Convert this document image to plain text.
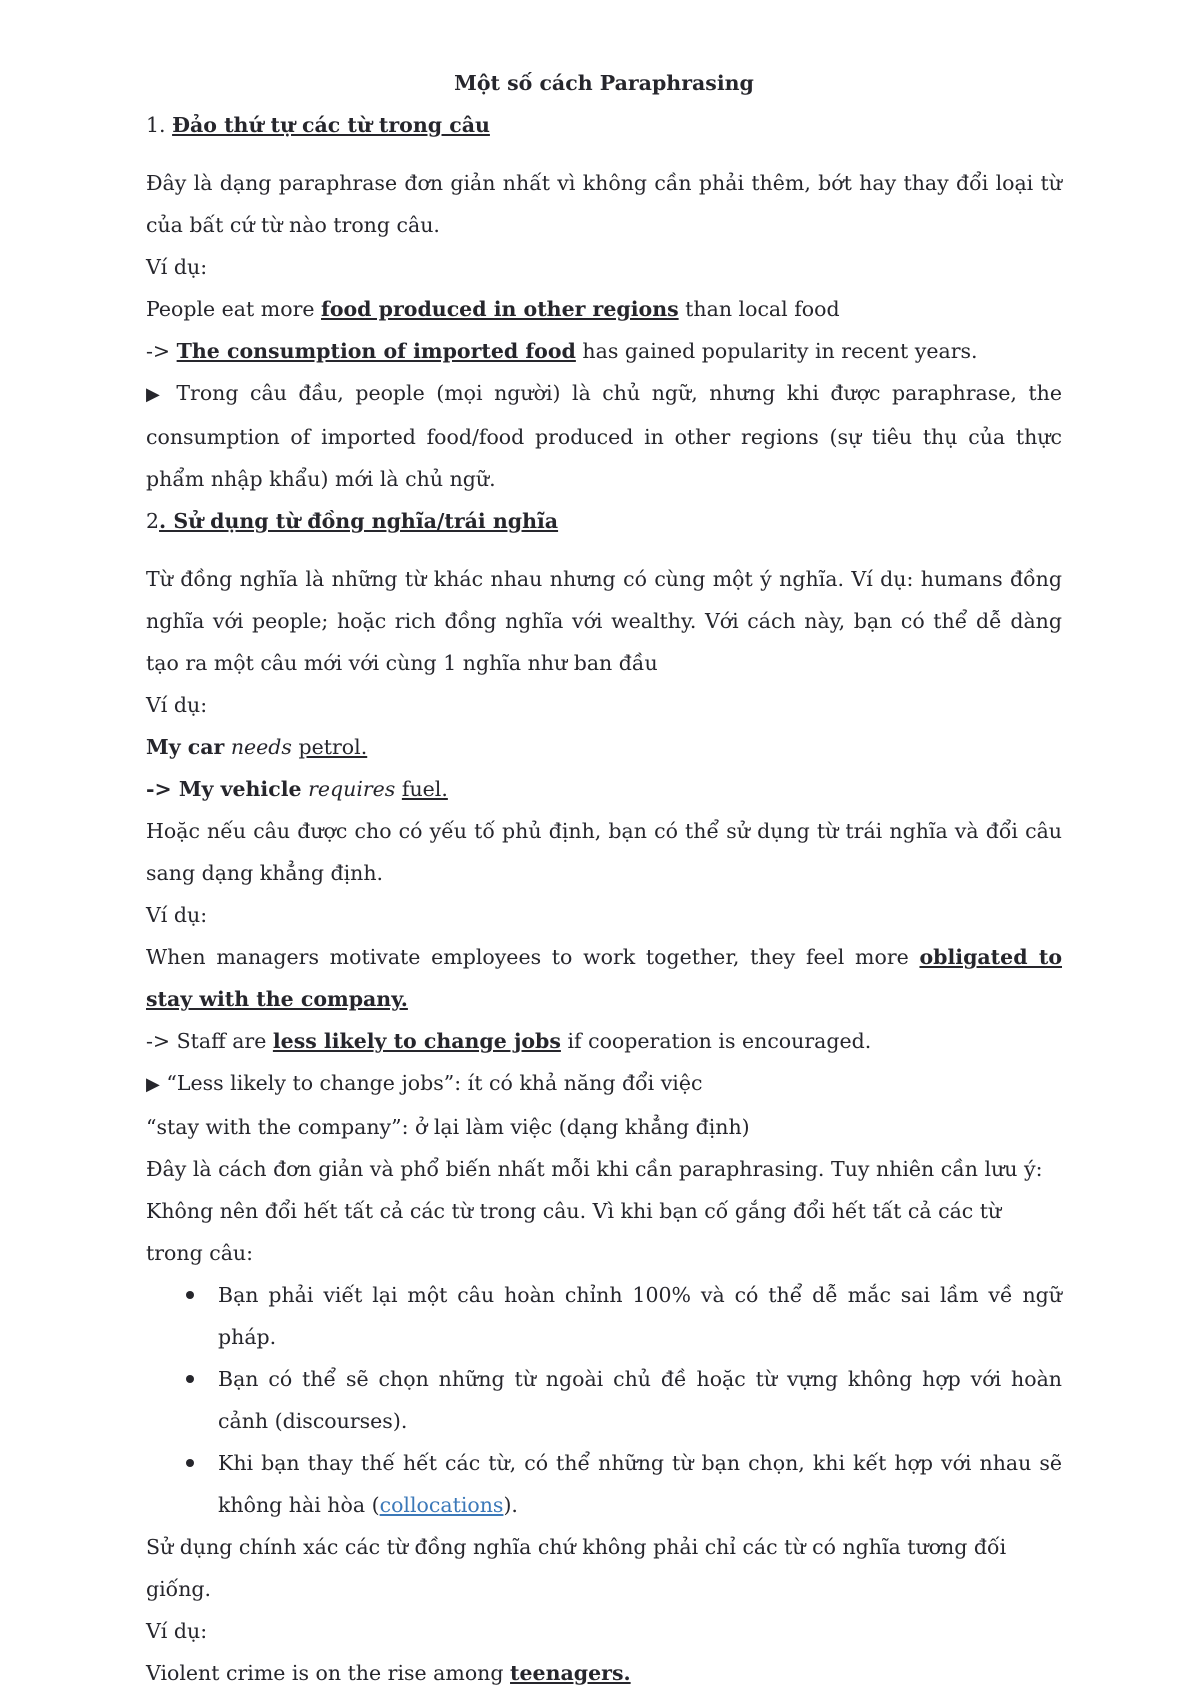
Một số cách Paraphrasing

1. Đảo thứ tự các từ trong câu

Đây là dạng paraphrase đơn giản nhất vì không cần phải thêm, bớt hay thay đổi loại từ của bất cứ từ nào trong câu.

Ví dụ:

People eat more food produced in other regions than local food

-> The consumption of imported food has gained popularity in recent years.

▶ Trong câu đầu, people (mọi người) là chủ ngữ, nhưng khi được paraphrase, the consumption of imported food/food produced in other regions (sự tiêu thụ của thực phẩm nhập khẩu) mới là chủ ngữ.

2. Sử dụng từ đồng nghĩa/trái nghĩa

Từ đồng nghĩa là những từ khác nhau nhưng có cùng một ý nghĩa. Ví dụ: humans đồng nghĩa với people; hoặc rich đồng nghĩa với wealthy. Với cách này, bạn có thể dễ dàng tạo ra một câu mới với cùng 1 nghĩa như ban đầu

Ví dụ:

My car needs petrol.

-> My vehicle requires fuel.

Hoặc nếu câu được cho có yếu tố phủ định, bạn có thể sử dụng từ trái nghĩa và đổi câu sang dạng khẳng định.

Ví dụ:

When managers motivate employees to work together, they feel more obligated to stay with the company.

-> Staff are less likely to change jobs if cooperation is encouraged.

▶ “Less likely to change jobs”: ít có khả năng đổi việc

“stay with the company”: ở lại làm việc (dạng khẳng định)

Đây là cách đơn giản và phổ biến nhất mỗi khi cần paraphrasing. Tuy nhiên cần lưu ý:

Không nên đổi hết tất cả các từ trong câu. Vì khi bạn cố gắng đổi hết tất cả các từ trong câu:

Bạn phải viết lại một câu hoàn chỉnh 100% và có thể dễ mắc sai lầm về ngữ pháp.
Bạn có thể sẽ chọn những từ ngoài chủ đề hoặc từ vựng không hợp với hoàn cảnh (discourses).
Khi bạn thay thế hết các từ, có thể những từ bạn chọn, khi kết hợp với nhau sẽ không hài hòa (collocations).

Sử dụng chính xác các từ đồng nghĩa chứ không phải chỉ các từ có nghĩa tương đối giống.

Ví dụ:

Violent crime is on the rise among teenagers.
